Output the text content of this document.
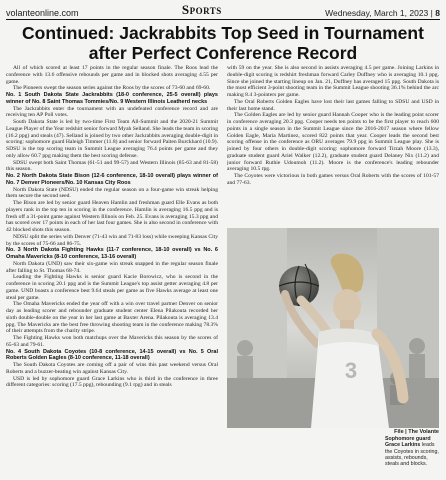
volanteonline.com	Sports	Wednesday, March 1, 2023 | 8
Continued: Jackrabbits Top Seed in Tournament
after Perfect Conference Record

All of which scored at least 17 points in the regular season finale. The Roos lead the conference with 13.6 offensive rebounds per game and in blocked shots averaging 4.55 per game.

The Pioneers swept the season series against the Roos by the scores of 73-60 and 69-60.

No. 1 South Dakota State Jackrabbits (18-0 conference, 25-5 overall) plays winner of No. 8 Saint Thomas Tommies/No. 9 Western Illinois Leatherd necks

The Jackrabbits enter the tournament with an undefeated conference record and are receiving ten AP Poll votes.

South Dakota State is led by two-time First Team All-Summit and the 2020-21 Summit League Player of the Year redshirt senior forward Myah Selland. She leads the team in scoring (16.2 ppg) and steals (47). Selland is joined by two other Jackrabbits averaging double-digit in scoring: sophomore guard Haleigh Timmer (11.8) and senior forward Paiten Burckhard (10.9). SDSU is the top scoring team in Summit League averaging 76.4 points per game and they only allow 60.7 ppg making them the best scoring defense.

SDSU swept both Saint Thomas (61-51 and 99-57) and Western Illinois (85-63 and 81-58) this season.

No. 2 North Dakota State Bison (12-6 conference, 18-10 overall) plays winner of No. 7 Denver Pioneers/No. 10 Kansas City Roos

North Dakota State (NDSU) ended the regular season on a four-game win streak helping them secure the second seed.

The Bison are led by senior guard Heaven Hamlin and freshman guard Elle Evans as both players rank in the top ten in scoring in the conference. Hamlin is averaging 16.5 ppg and is fresh off a 31-point game against Western Illinois on Feb. 25. Evans is averaging 15.3 ppg and has scored over 17 points in each of her last four games. She is also second in conference with 42 blocked shots this season.

NDSU split the series with Denver (71-43 win and 71-83 loss) while sweeping Kansas City by the scores of 75-66 and 86-75.

No. 3 North Dakota Fighting Hawks (11-7 conference, 18-10 overall) vs No. 6 Omaha Mavericks (8-10 conference, 13-16 overall)

North Dakota (UND) saw their six-game win streak snapped in the regular season finale after falling to St. Thomas 68-74.

Leading the Fighting Hawks is senior guard Kacie Borowicz, who is second in the conference in scoring 20.1 ppg and is the Summit League's top assist getter averaging 4.8 per game. UND boasts a conference best 9.64 steals per game as five Hawks average at least one steal per game.

The Omaha Mavericks ended the year off with a win over travel partner Denver on senior day as leading scorer and rebounder graduate student center Elena Pilakouta recorded her sixth double-double on the year in her last game at Baxter Arena. Pilakouta is averaging 13.4 ppg. The Mavericks are the best free throwing shooting team in the conference making 78.3% of their attempts from the charity stripe.

The Fighting Hawks won both matchups over the Mavericks this season by the scores of 65-63 and 79-61.

No. 4 South Dakota Coyotes (10-8 conference, 14-15 overall) vs No. 5 Oral Roberts Golden Eagles (8-10 conference, 11-18 overall)

The South Dakota Coyotes are coming off a pair of wins this past weekend versus Oral Roberts and a buzzer-beating win against Kansas City.

USD is led by sophomore guard Grace Larkins who is third in the conference in three different categories: scoring (17.5 ppg), rebounding (9.1 rpg) and in steals

with 59 on the year. She is also second in assists averaging 4.5 per game. Joining Larkins in double-digit scoring is redshirt freshman forward Carley Duffney who is averaging 10.1 ppg. Since she joined the starting lineup on Jan. 21, Duffney has averaged 15 ppg. South Dakota is the most efficient 3-point shooting team in the Summit League shooting 36.1% behind the arc making 8.4 3-pointers per game.

The Oral Roberts Golden Eagles have lost their last games falling to SDSU and USD in their last home stand.

The Golden Eagles are led by senior guard Hannah Cooper who is the leading point scorer in conference averaging 20.3 ppg. Cooper needs ten points to be the first player to reach 600 points in a single season in the Summit League since the 2016-2017 season where fellow Golden Eagle, Maria Martinez, scored 822 points that year. Cooper leads the second best scoring offense in the conference as ORU averages 79.9 ppg in Summit League play. She is joined by four others in double-digit scoring: sophomore forward Tirzah Moore (13.3), graduate student guard Ariel Walker (12.2), graduate student guard Delaney Nix (11.2) and junior forward Ruthie Udoumoh (11.2). Moore is the conference's leading rebounder averaging 10.5 rpg.

The Coyotes were victorious in both games versus Oral Roberts with the scores of 101-57 and 77-63.

3
File | The Volante
Sophomore guard Grace Larkins leads the Coyotes in scoring, assists, rebounds, steals and blocks.
